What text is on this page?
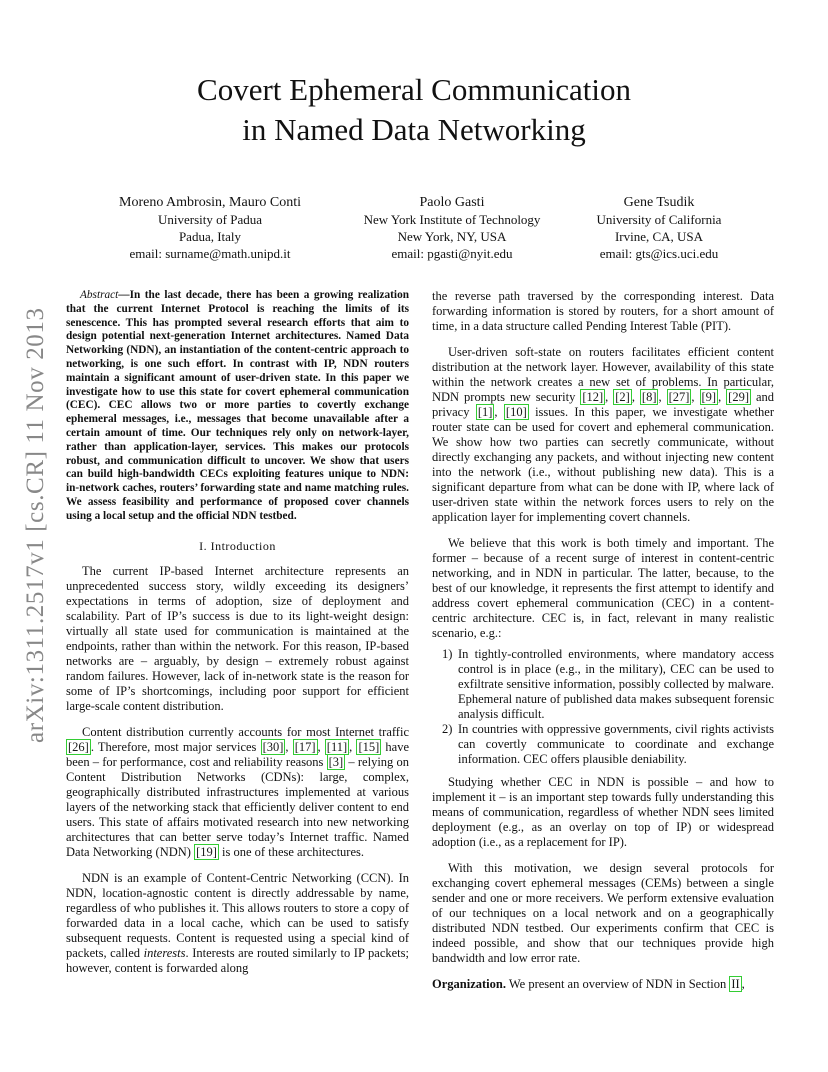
arXiv:1311.2517v1 [cs.CR] 11 Nov 2013
Covert Ephemeral Communication
in Named Data Networking
Moreno Ambrosin, Mauro Conti
University of Padua
Padua, Italy
email: surname@math.unipd.it
Paolo Gasti
New York Institute of Technology
New York, NY, USA
email: pgasti@nyit.edu
Gene Tsudik
University of California
Irvine, CA, USA
email: gts@ics.uci.edu

Abstract—In the last decade, there has been a growing realization that the current Internet Protocol is reaching the limits of its senescence. This has prompted several research efforts that aim to design potential next-generation Internet architectures. Named Data Networking (NDN), an instantiation of the content-centric approach to networking, is one such effort. In contrast with IP, NDN routers maintain a significant amount of user-driven state. In this paper we investigate how to use this state for covert ephemeral communication (CEC). CEC allows two or more parties to covertly exchange ephemeral messages, i.e., messages that become unavailable after a certain amount of time. Our techniques rely only on network-layer, rather than application-layer, services. This makes our protocols robust, and communication difficult to uncover. We show that users can build high-bandwidth CECs exploiting features unique to NDN: in-network caches, routers’ forwarding state and name matching rules. We assess feasibility and performance of proposed cover channels using a local setup and the official NDN testbed.

I. Introduction

The current IP-based Internet architecture represents an unprecedented success story, wildly exceeding its designers’ expectations in terms of adoption, size of deployment and scalability. Part of IP’s success is due to its light-weight design: virtually all state used for communication is maintained at the endpoints, rather than within the network. For this reason, IP-based networks are – arguably, by design – extremely robust against random failures. However, lack of in-network state is the reason for some of IP’s shortcomings, including poor support for efficient large-scale content distribution.

Content distribution currently accounts for most Internet traffic [26] . Therefore, most major services [30] , [17] , [11] , [15] have been – for performance, cost and reliability reasons [3] – relying on Content Distribution Networks (CDNs): large, complex, geographically distributed infrastructures implemented at various layers of the networking stack that efficiently deliver content to end users. This state of affairs motivated research into new networking architectures that can better serve today’s Internet traffic. Named Data Networking (NDN) [19] is one of these architectures.

NDN is an example of Content-Centric Networking (CCN). In NDN, location-agnostic content is directly addressable by name, regardless of who publishes it. This allows routers to store a copy of forwarded data in a local cache, which can be used to satisfy subsequent requests. Content is requested using a special kind of packets, called interests. Interests are routed similarly to IP packets; however, content is forwarded along

the reverse path traversed by the corresponding interest. Data forwarding information is stored by routers, for a short amount of time, in a data structure called Pending Interest Table (PIT).

User-driven soft-state on routers facilitates efficient content distribution at the network layer. However, availability of this state within the network creates a new set of problems. In particular, NDN prompts new security [12] , [2] , [8] , [27] , [9] , [29] and privacy [1] , [10] issues. In this paper, we investigate whether router state can be used for covert and ephemeral communication. We show how two parties can secretly communicate, without directly exchanging any packets, and without injecting new content into the network (i.e., without publishing new data). This is a significant departure from what can be done with IP, where lack of user-driven state within the network forces users to rely on the application layer for implementing covert channels.

We believe that this work is both timely and important. The former – because of a recent surge of interest in content-centric networking, and in NDN in particular. The latter, because, to the best of our knowledge, it represents the first attempt to identify and address covert ephemeral communication (CEC) in a content-centric architecture. CEC is, in fact, relevant in many realistic scenario, e.g.:

1) In tightly-controlled environments, where mandatory access control is in place (e.g., in the military), CEC can be used to exfiltrate sensitive information, possibly collected by malware. Ephemeral nature of published data makes subsequent forensic analysis difficult.
2) In countries with oppressive governments, civil rights activists can covertly communicate to coordinate and exchange information. CEC offers plausible deniability.

Studying whether CEC in NDN is possible – and how to implement it – is an important step towards fully understanding this means of communication, regardless of whether NDN sees limited deployment (e.g., as an overlay on top of IP) or widespread adoption (i.e., as a replacement for IP).

With this motivation, we design several protocols for exchanging covert ephemeral messages (CEMs) between a single sender and one or more receivers. We perform extensive evaluation of our techniques on a local network and on a geographically distributed NDN testbed. Our experiments confirm that CEC is indeed possible, and show that our techniques provide high bandwidth and low error rate.

Organization. We present an overview of NDN in Section II ,
